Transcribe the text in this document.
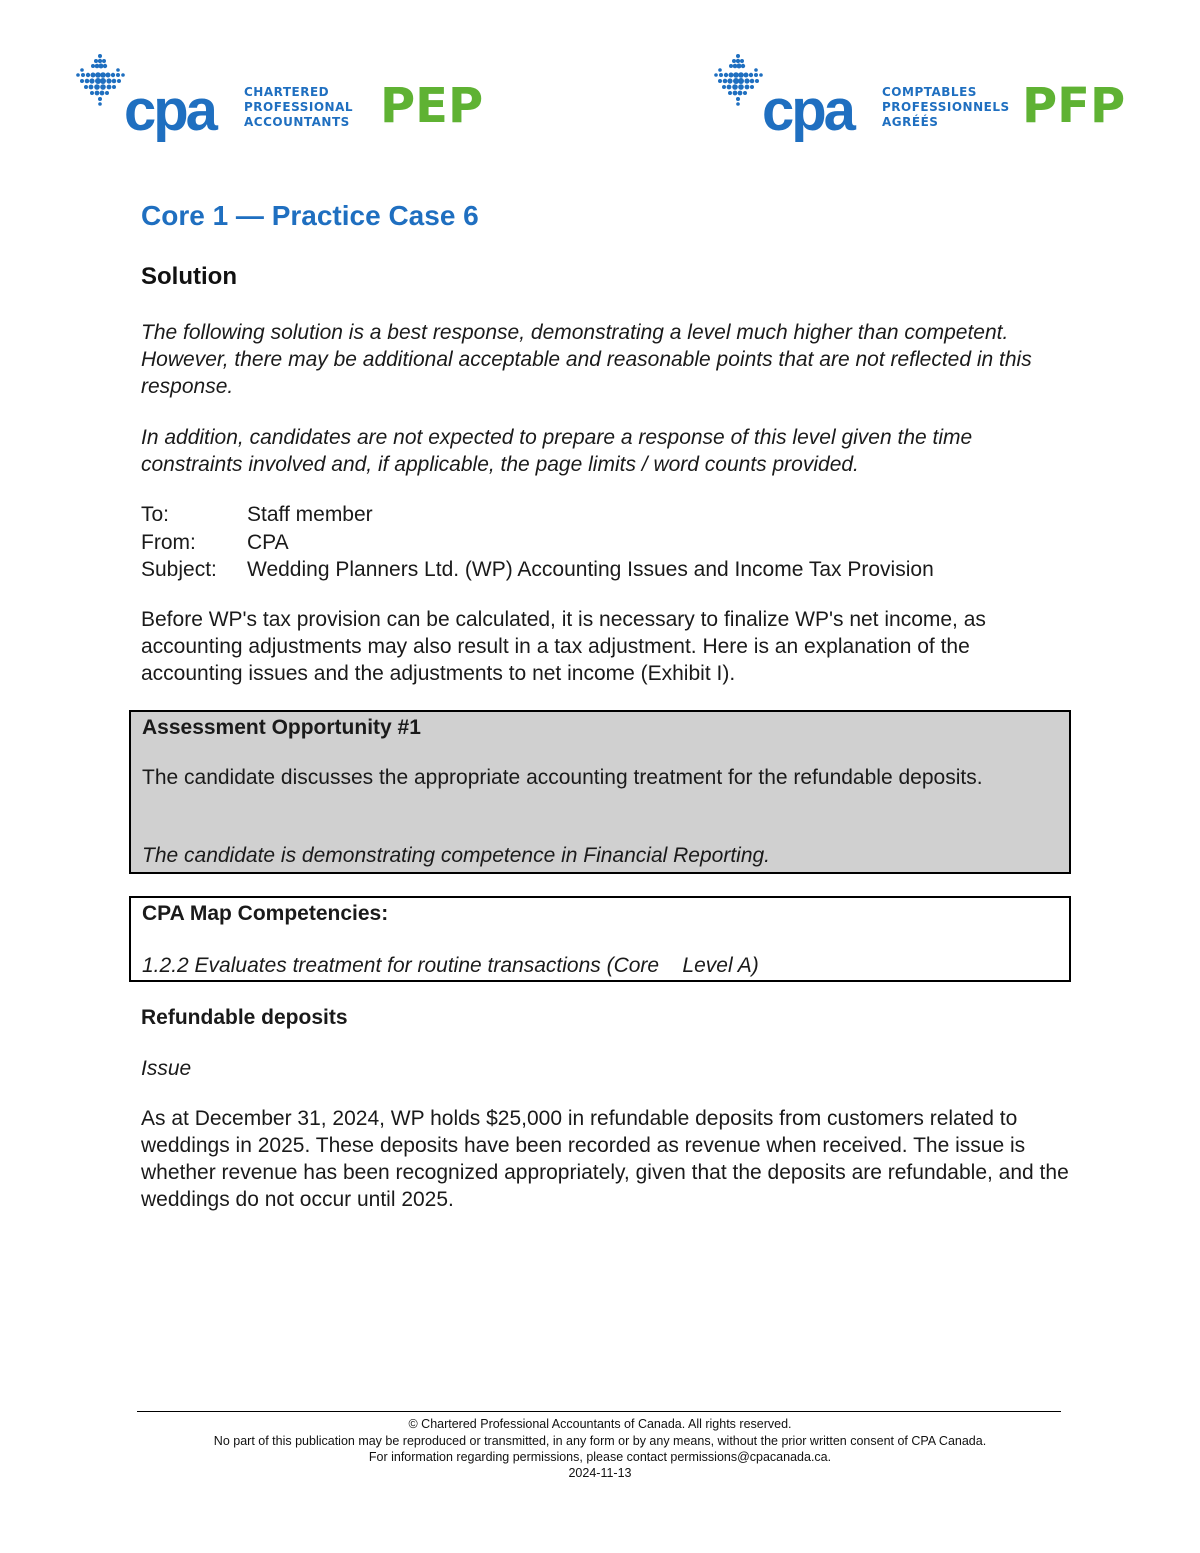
cpa CHARTERED
PROFESSIONAL
ACCOUNTANTS PEP	cpa COMPTABLES
PROFESSIONNELS
AGRÉÉS	PFP
Core 1 — Practice Case 6
Solution
The following solution is a best response, demonstrating a level much higher than competent. However, there may be additional acceptable and reasonable points that are not reflected in this response.
In addition, candidates are not expected to prepare a response of this level given the time constraints involved and, if applicable, the page limits / word counts provided.
To:	Staff member
From:	CPA
Subject:	Wedding Planners Ltd. (WP) Accounting Issues and Income Tax Provision
Before WP's tax provision can be calculated, it is necessary to finalize WP's net income, as accounting adjustments may also result in a tax adjustment. Here is an explanation of the accounting issues and the adjustments to net income (Exhibit I).
Assessment Opportunity #1
The candidate discusses the appropriate accounting treatment for the refundable deposits.
The candidate is demonstrating competence in Financial Reporting.
CPA Map Competencies:
1.2.2 Evaluates treatment for routine transactions (Core    Level A)
Refundable deposits
Issue
As at December 31, 2024, WP holds $25,000 in refundable deposits from customers related to weddings in 2025. These deposits have been recorded as revenue when received. The issue is whether revenue has been recognized appropriately, given that the deposits are refundable, and the weddings do not occur until 2025.
© Chartered Professional Accountants of Canada. All rights reserved.
No part of this publication may be reproduced or transmitted, in any form or by any means, without the prior written consent of CPA Canada.
For information regarding permissions, please contact permissions@cpacanada.ca.
2024-11-13
